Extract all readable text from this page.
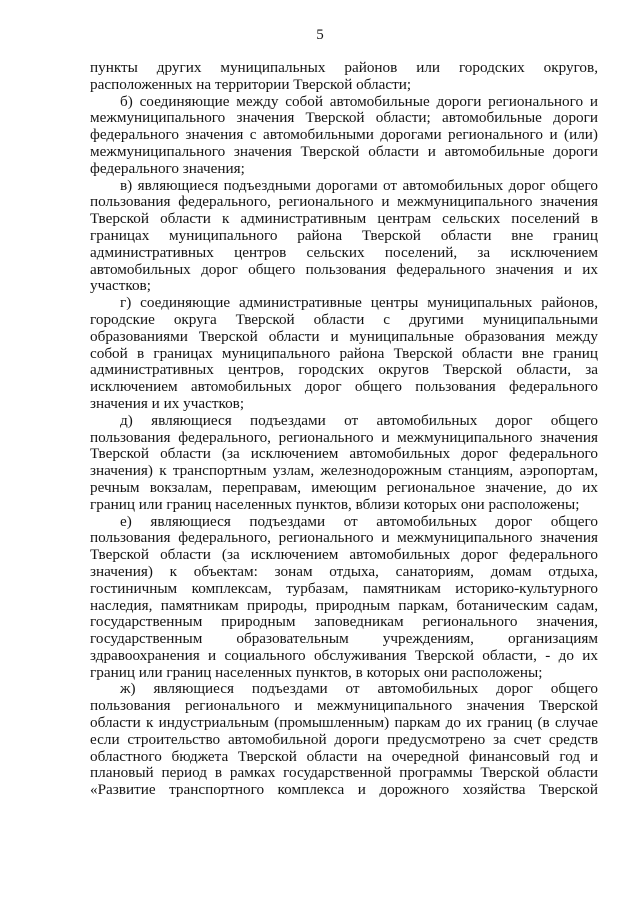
5
пункты других муниципальных районов или городских округов,
расположенных на территории Тверской области;
б) соединяющие между собой автомобильные дороги регионального и
межмуниципального значения Тверской области; автомобильные дороги
федерального значения с автомобильными дорогами регионального и (или)
межмуниципального значения Тверской области и автомобильные дороги
федерального значения;
в) являющиеся подъездными дорогами от автомобильных дорог общего
пользования федерального, регионального и межмуниципального значения
Тверской области к административным центрам сельских поселений в
границах муниципального района Тверской области вне границ
административных центров сельских поселений, за исключением
автомобильных дорог общего пользования федерального значения и их
участков;
г) соединяющие административные центры муниципальных районов,
городские округа Тверской области с другими муниципальными
образованиями Тверской области и муниципальные образования между
собой в границах муниципального района Тверской области вне границ
административных центров, городских округов Тверской области, за
исключением автомобильных дорог общего пользования федерального
значения и их участков;
д) являющиеся подъездами от автомобильных дорог общего
пользования федерального, регионального и межмуниципального значения
Тверской области (за исключением автомобильных дорог федерального
значения) к транспортным узлам, железнодорожным станциям, аэропортам,
речным вокзалам, переправам, имеющим региональное значение, до их
границ или границ населенных пунктов, вблизи которых они расположены;
е) являющиеся подъездами от автомобильных дорог общего
пользования федерального, регионального и межмуниципального значения
Тверской области (за исключением автомобильных дорог федерального
значения) к объектам: зонам отдыха, санаториям, домам отдыха,
гостиничным комплексам, турбазам, памятникам историко-культурного
наследия, памятникам природы, природным паркам, ботаническим садам,
государственным природным заповедникам регионального значения,
государственным образовательным учреждениям, организациям
здравоохранения и социального обслуживания Тверской области, - до их
границ или границ населенных пунктов, в которых они расположены;
ж) являющиеся подъездами от автомобильных дорог общего
пользования регионального и межмуниципального значения Тверской
области к индустриальным (промышленным) паркам до их границ (в случае
если строительство автомобильной дороги предусмотрено за счет средств
областного бюджета Тверской области на очередной финансовый год и
плановый период в рамках государственной программы Тверской области
«Развитие транспортного комплекса и дорожного хозяйства Тверской
